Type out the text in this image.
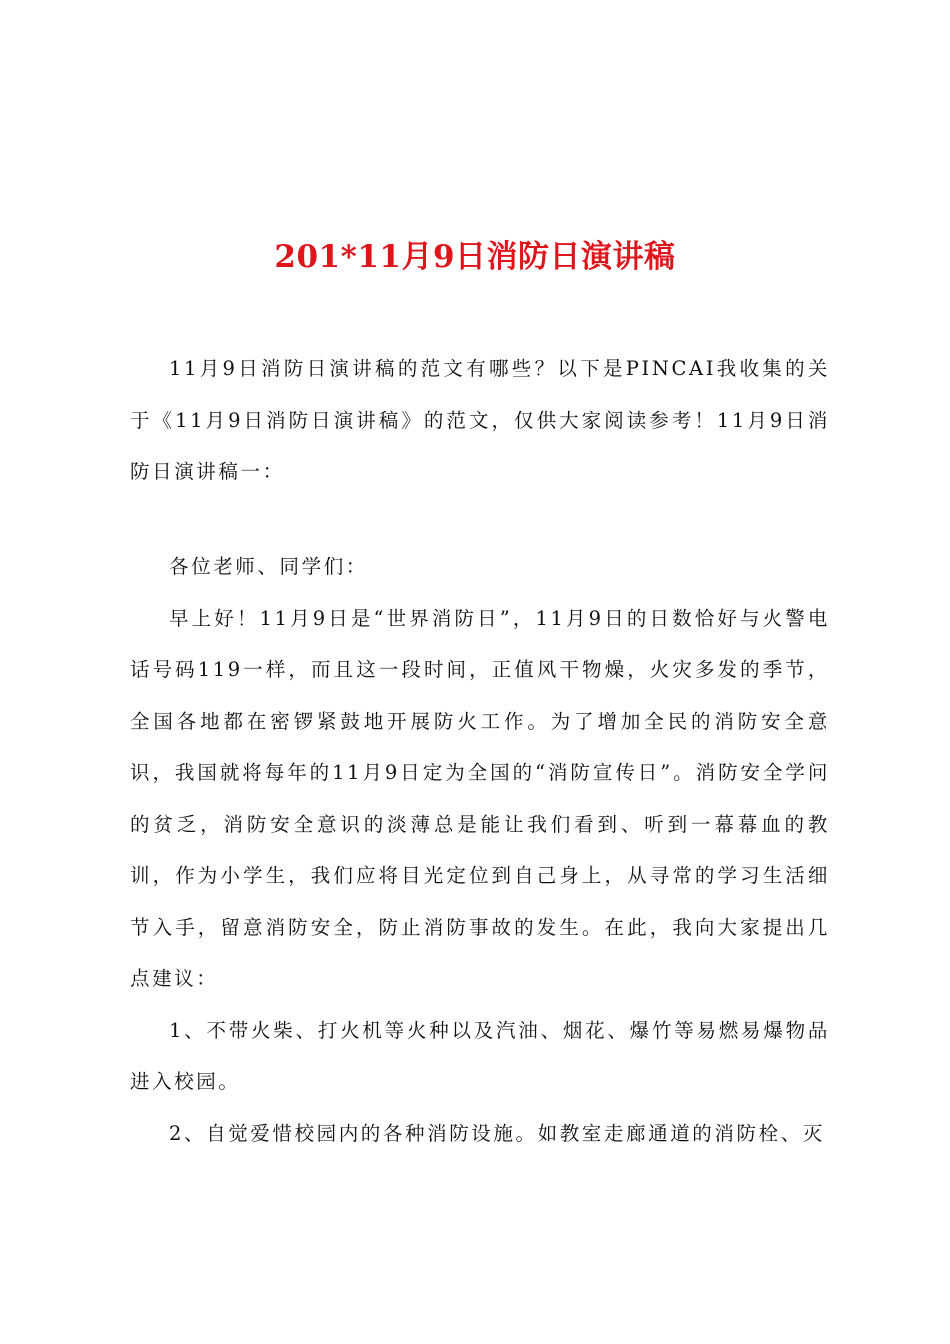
201*11月9日消防日演讲稿

11月9日消防日演讲稿的范文有哪些？以下是PINCAI我收集的关于《11月9日消防日演讲稿》的范文，仅供大家阅读参考！11月9日消防日演讲稿一：

各位老师、同学们：

早上好！11月9日是“世界消防日”，11月9日的日数恰好与火警电话号码119一样，而且这一段时间，正值风干物燥，火灾多发的季节，全国各地都在密锣紧鼓地开展防火工作。为了增加全民的消防安全意识，我国就将每年的11月9日定为全国的“消防宣传日”。消防安全学问的贫乏，消防安全意识的淡薄总是能让我们看到、听到一幕幕血的教训，作为小学生，我们应将目光定位到自己身上，从寻常的学习生活细节入手，留意消防安全，防止消防事故的发生。在此，我向大家提出几点建议：

1、不带火柴、打火机等火种以及汽油、烟花、爆竹等易燃易爆物品进入校园。

2、自觉爱惜校园内的各种消防设施。如教室走廊通道的消防栓、灭
